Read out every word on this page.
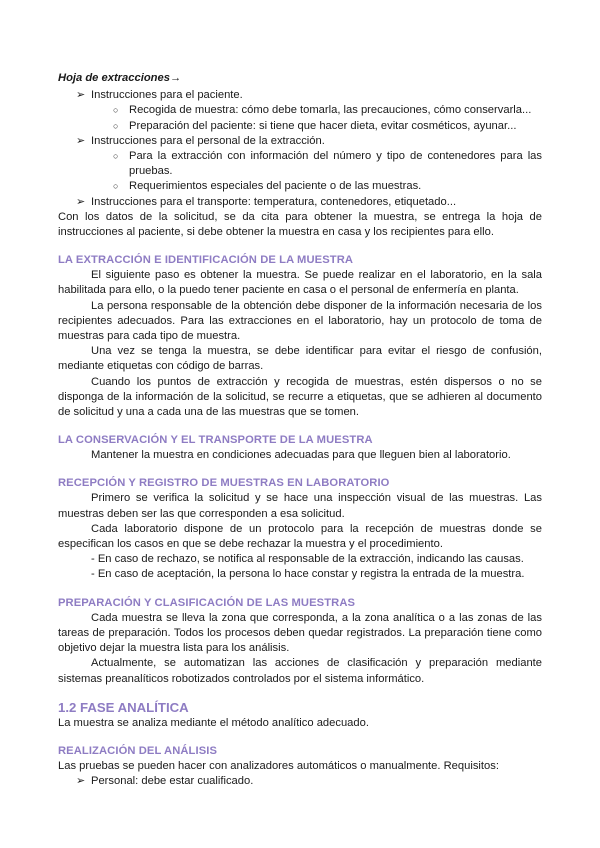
Hoja de extracciones→

➢ Instrucciones para el paciente.
○ Recogida de muestra: cómo debe tomarla, las precauciones, cómo conservarla...
○ Preparación del paciente: si tiene que hacer dieta, evitar cosméticos, ayunar...
➢ Instrucciones para el personal de la extracción.
○ Para la extracción con información del número y tipo de contenedores para las pruebas.
○ Requerimientos especiales del paciente o de las muestras.
➢ Instrucciones para el transporte: temperatura, contenedores, etiquetado...

Con los datos de la solicitud, se da cita para obtener la muestra, se entrega la hoja de instrucciones al paciente, si debe obtener la muestra en casa y los recipientes para ello.

LA EXTRACCIÓN E IDENTIFICACIÓN DE LA MUESTRA

El siguiente paso es obtener la muestra. Se puede realizar en el laboratorio, en la sala habilitada para ello, o la puedo tener paciente en casa o el personal de enfermería en planta.

La persona responsable de la obtención debe disponer de la información necesaria de los recipientes adecuados. Para las extracciones en el laboratorio, hay un protocolo de toma de muestras para cada tipo de muestra.

Una vez se tenga la muestra, se debe identificar para evitar el riesgo de confusión, mediante etiquetas con código de barras.

Cuando los puntos de extracción y recogida de muestras, estén dispersos o no se disponga de la información de la solicitud, se recurre a etiquetas, que se adhieren al documento de solicitud y una a cada una de las muestras que se tomen.

LA CONSERVACIÓN Y EL TRANSPORTE DE LA MUESTRA

Mantener la muestra en condiciones adecuadas para que lleguen bien al laboratorio.

RECEPCIÓN Y REGISTRO DE MUESTRAS EN LABORATORIO

Primero se verifica la solicitud y se hace una inspección visual de las muestras. Las muestras deben ser las que corresponden a esa solicitud.

Cada laboratorio dispone de un protocolo para la recepción de muestras donde se especifican los casos en que se debe rechazar la muestra y el procedimiento.

- En caso de rechazo, se notifica al responsable de la extracción, indicando las causas.

- En caso de aceptación, la persona lo hace constar y registra la entrada de la muestra.

PREPARACIÓN Y CLASIFICACIÓN DE LAS MUESTRAS

Cada muestra se lleva la zona que corresponda, a la zona analítica o a las zonas de las tareas de preparación. Todos los procesos deben quedar registrados. La preparación tiene como objetivo dejar la muestra lista para los análisis.

Actualmente, se automatizan las acciones de clasificación y preparación mediante sistemas preanalíticos robotizados controlados por el sistema informático.

1.2 FASE ANALÍTICA

La muestra se analiza mediante el método analítico adecuado.

REALIZACIÓN DEL ANÁLISIS

Las pruebas se pueden hacer con analizadores automáticos o manualmente. Requisitos:

➢ Personal: debe estar cualificado.
